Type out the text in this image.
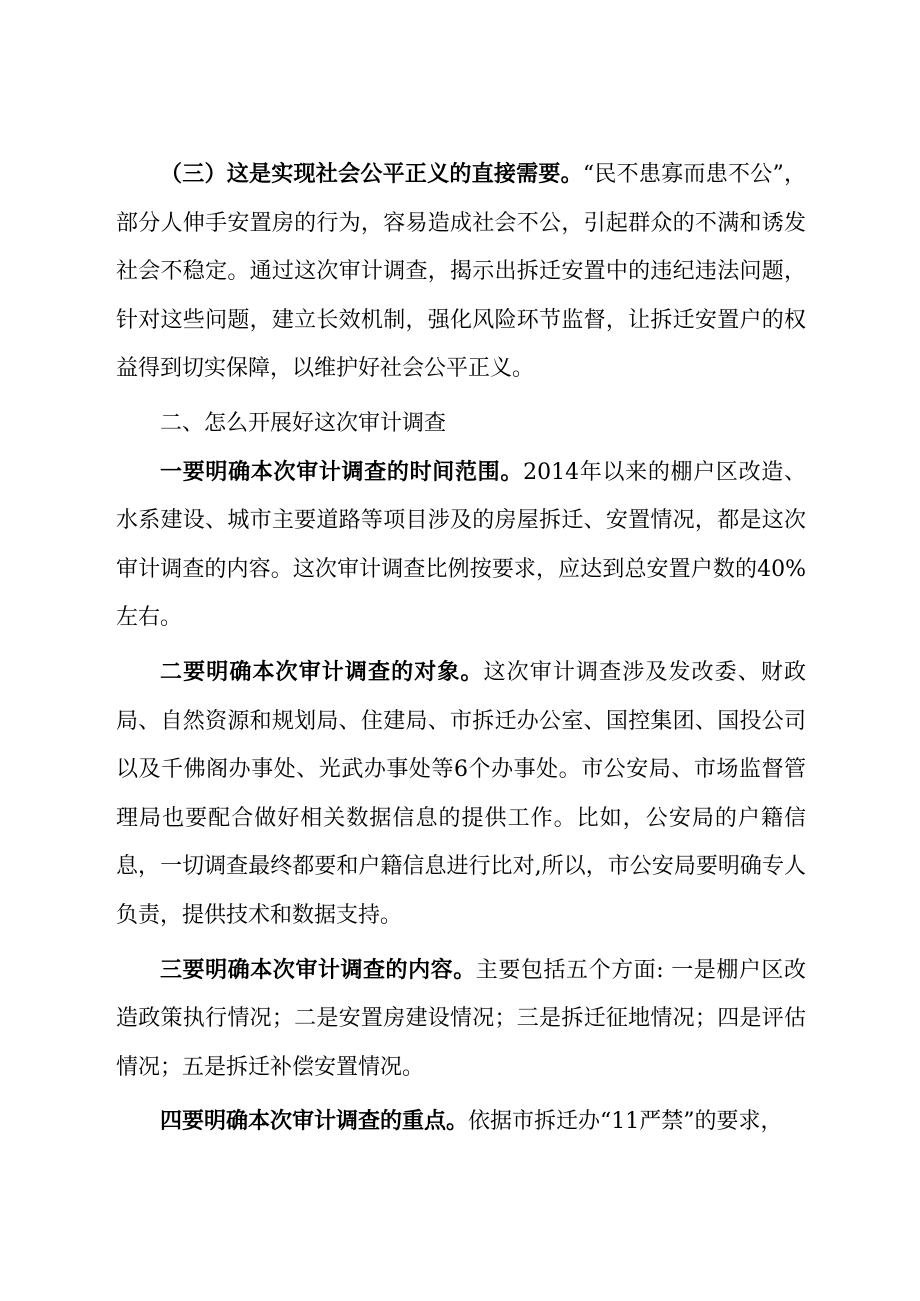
（三）这是实现社会公平正义的直接需要。“民不患寡而患不公”，部分人伸手安置房的行为，容易造成社会不公，引起群众的不满和诱发社会不稳定。通过这次审计调查，揭示出拆迁安置中的违纪违法问题，针对这些问题，建立长效机制，强化风险环节监督，让拆迁安置户的权益得到切实保障，以维护好社会公平正义。

二、怎么开展好这次审计调查

一要明确本次审计调查的时间范围。2014年以来的棚户区改造、水系建设、城市主要道路等项目涉及的房屋拆迁、安置情况，都是这次审计调查的内容。这次审计调查比例按要求，应达到总安置户数的40%左右。

二要明确本次审计调查的对象。这次审计调查涉及发改委、财政局、自然资源和规划局、住建局、市拆迁办公室、国控集团、国投公司以及千佛阁办事处、光武办事处等6个办事处。市公安局、市场监督管理局也要配合做好相关数据信息的提供工作。比如，公安局的户籍信息，一切调查最终都要和户籍信息进行比对,所以，市公安局要明确专人负责，提供技术和数据支持。

三要明确本次审计调查的内容。主要包括五个方面: 一是棚户区改造政策执行情况；二是安置房建设情况；三是拆迁征地情况；四是评估情况；五是拆迁补偿安置情况。

四要明确本次审计调查的重点。依据市拆迁办“11严禁”的要求，
